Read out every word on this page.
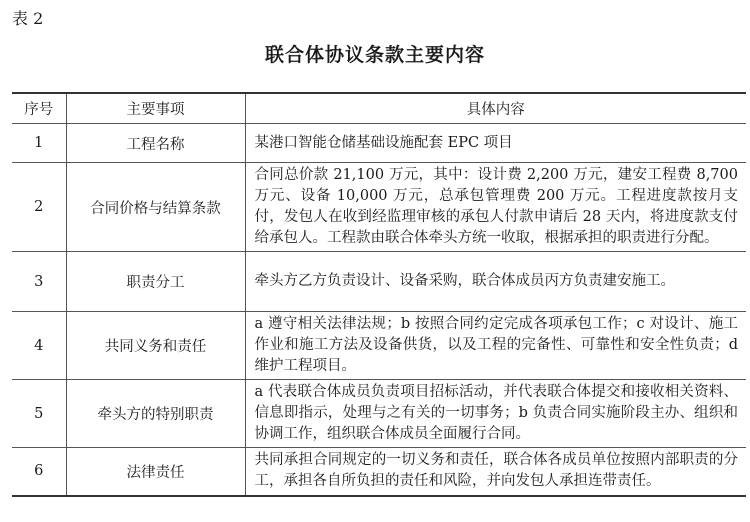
表 2
联合体协议条款主要内容
序号	主要事项	具体内容
1	工程名称	某港口智能仓储基础设施配套 EPC 项目
2	合同价格与结算条款	合同总价款 21,100 万元，其中：设计费 2,200 万元，建安工程费 8,700 万元、设备 10,000 万元，总承包管理费 200 万元。工程进度款按月支付，发包人在收到经监理审核的承包人付款申请后 28 天内，将进度款支付给承包人。工程款由联合体牵头方统一收取，根据承担的职责进行分配。
3	职责分工	牵头方乙方负责设计、设备采购，联合体成员丙方负责建安施工。
4	共同义务和责任	a 遵守相关法律法规；b 按照合同约定完成各项承包工作；c 对设计、施工作业和施工方法及设备供货，以及工程的完备性、可靠性和安全性负责；d 维护工程项目。
5	牵头方的特别职责	a 代表联合体成员负责项目招标活动，并代表联合体提交和接收相关资料、信息即指示，处理与之有关的一切事务；b 负责合同实施阶段主办、组织和协调工作，组织联合体成员全面履行合同。
6	法律责任	共同承担合同规定的一切义务和责任，联合体各成员单位按照内部职责的分工，承担各自所负担的责任和风险，并向发包人承担连带责任。
